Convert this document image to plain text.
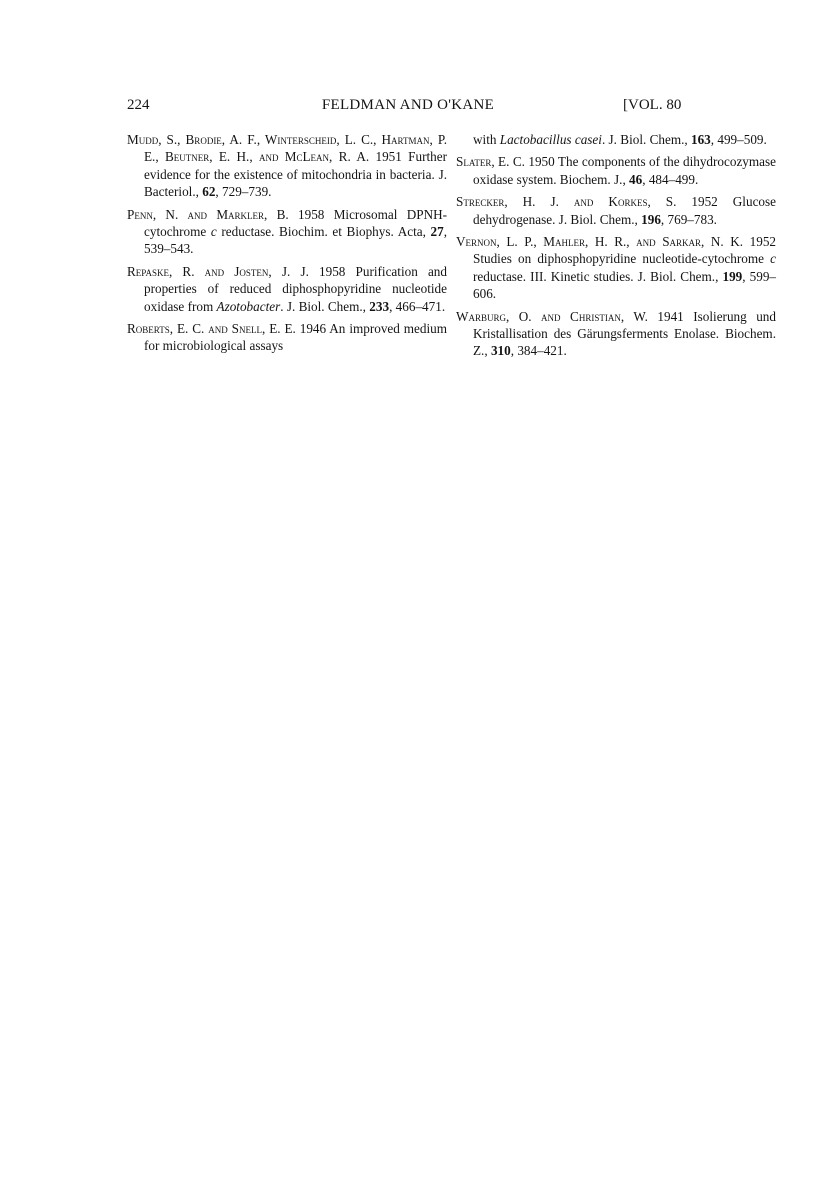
224	FELDMAN AND O'KANE	[VOL. 80

Mudd, S., Brodie, A. F., Winterscheid, L. C., Hartman, P. E., Beutner, E. H., and McLean, R. A. 1951 Further evidence for the existence of mitochondria in bacteria. J. Bacteriol., 62, 729–739.

Penn, N. and Markler, B. 1958 Microsomal DPNH-cytochrome c reductase. Biochim. et Biophys. Acta, 27, 539–543.

Repaske, R. and Josten, J. J. 1958 Purification and properties of reduced diphosphopyridine nucleotide oxidase from Azotobacter. J. Biol. Chem., 233, 466–471.

Roberts, E. C. and Snell, E. E. 1946 An improved medium for microbiological assays

with Lactobacillus casei. J. Biol. Chem., 163, 499–509.

Slater, E. C. 1950 The components of the dihydrocozymase oxidase system. Biochem. J., 46, 484–499.

Strecker, H. J. and Korkes, S. 1952 Glucose dehydrogenase. J. Biol. Chem., 196, 769–783.

Vernon, L. P., Mahler, H. R., and Sarkar, N. K. 1952 Studies on diphosphopyridine nucleotide-cytochrome c reductase. III. Kinetic studies. J. Biol. Chem., 199, 599–606.

Warburg, O. and Christian, W. 1941 Isolierung und Kristallisation des Gärungsferments Enolase. Biochem. Z., 310, 384–421.
